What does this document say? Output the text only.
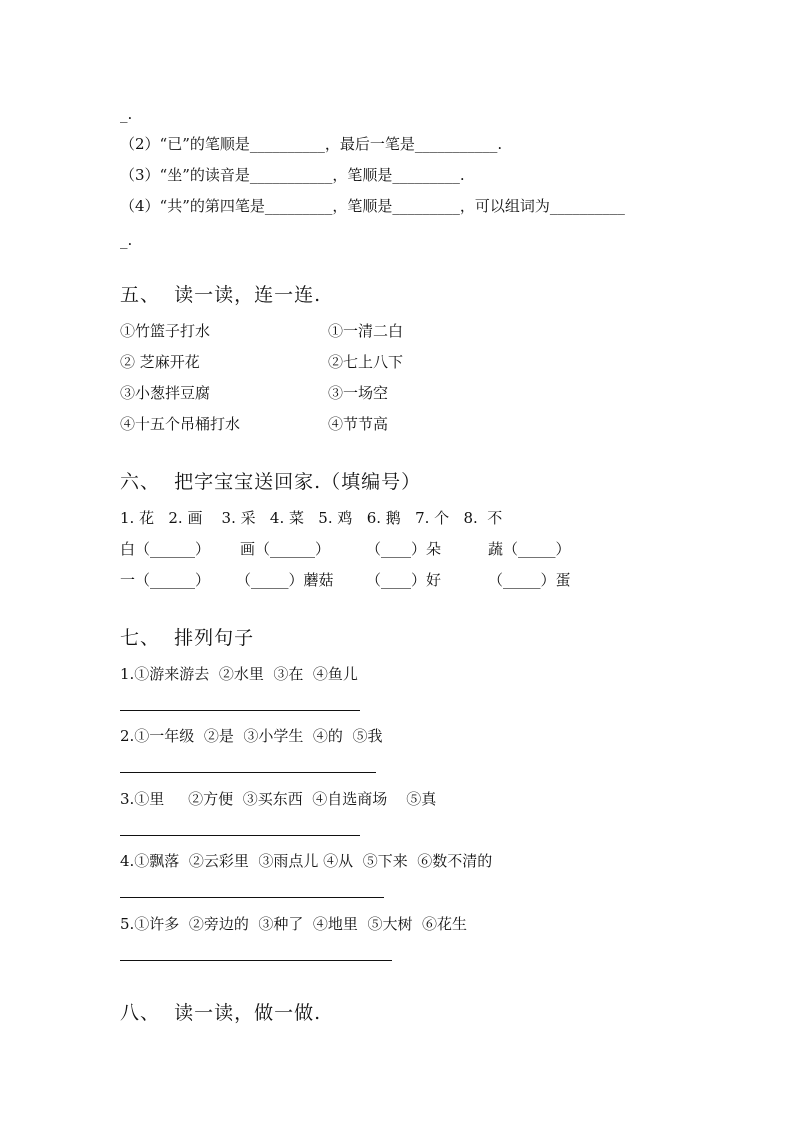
_.
（2）“已”的笔顺是__________，最后一笔是___________.
（3）“坐”的读音是___________，笔顺是_________.
（4）“共”的第四笔是_________，笔顺是_________，可以组词为__________
_.
五、  读一读，连一连.
①竹篮子打水
② 芝麻开花
③小葱拌豆腐
④十五个吊桶打水
①一清二白
②七上八下
③一场空
④节节高
六、  把字宝宝送回家.（填编号）
1. 花   2. 画    3. 采   4. 菜   5. 鸡   6. 鹅   7. 个   8.  不
白（______） 画（______） （____）朵	蔬（_____）
一（______） （_____）蘑菇 （____）好	（_____）蛋
七、  排列句子
1.①游来游去  ②水里  ③在  ④鱼儿
2.①一年级  ②是  ③小学生  ④的  ⑤我
3.①里     ②方便  ③买东西  ④自选商场    ⑤真
4.①飘落  ②云彩里  ③雨点儿 ④从  ⑤下来  ⑥数不清的
5.①许多  ②旁边的  ③种了  ④地里  ⑤大树  ⑥花生
八、  读一读，做一做.
